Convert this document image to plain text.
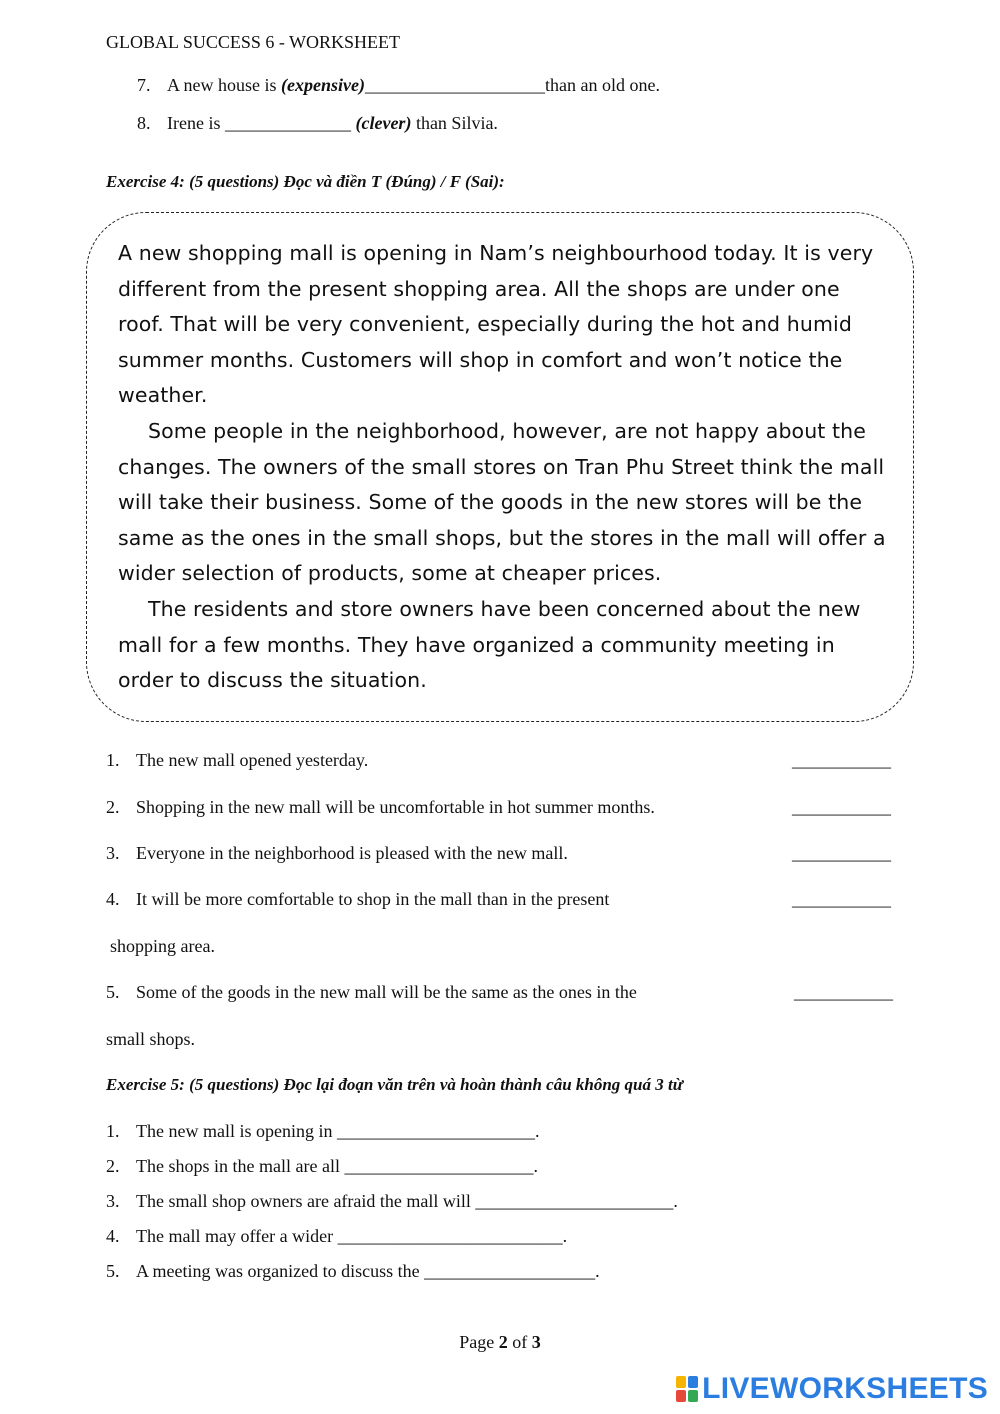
GLOBAL SUCCESS 6 - WORKSHEET
7. A new house is (expensive)____________________than an old one.
8. Irene is ______________ (clever) than Silvia.
Exercise 4: (5 questions) Đọc và điền T (Đúng) / F (Sai):

A new shopping mall is opening in Nam’s neighbourhood today. It is very different from the present shopping area. All the shops are under one roof. That will be very convenient, especially during the hot and humid summer months. Customers will shop in comfort and won’t notice the weather.

Some people in the neighborhood, however, are not happy about the changes. The owners of the small stores on Tran Phu Street think the mall will take their business. Some of the goods in the new stores will be the same as the ones in the small shops, but the stores in the mall will offer a wider selection of products, some at cheaper prices.

The residents and store owners have been concerned about the new mall for a few months. They have organized a community meeting in order to discuss the situation.

1. The new mall opened yesterday.	___________
2. Shopping in the new mall will be uncomfortable in hot summer months.	___________
3. Everyone in the neighborhood is pleased with the new mall.	___________
4. It will be more comfortable to shop in the mall than in the present	___________
shopping area.
5. Some of the goods in the new mall will be the same as the ones in the	___________
small shops.
Exercise 5: (5 questions) Đọc lại đoạn văn trên và hoàn thành câu không quá 3 từ
1. The new mall is opening in ______________________.
2. The shops in the mall are all _____________________.
3. The small shop owners are afraid the mall will ______________________.
4. The mall may offer a wider _________________________.
5. A meeting was organized to discuss the ___________________.
Page 2 of 3
LIVEWORKSHEETS
